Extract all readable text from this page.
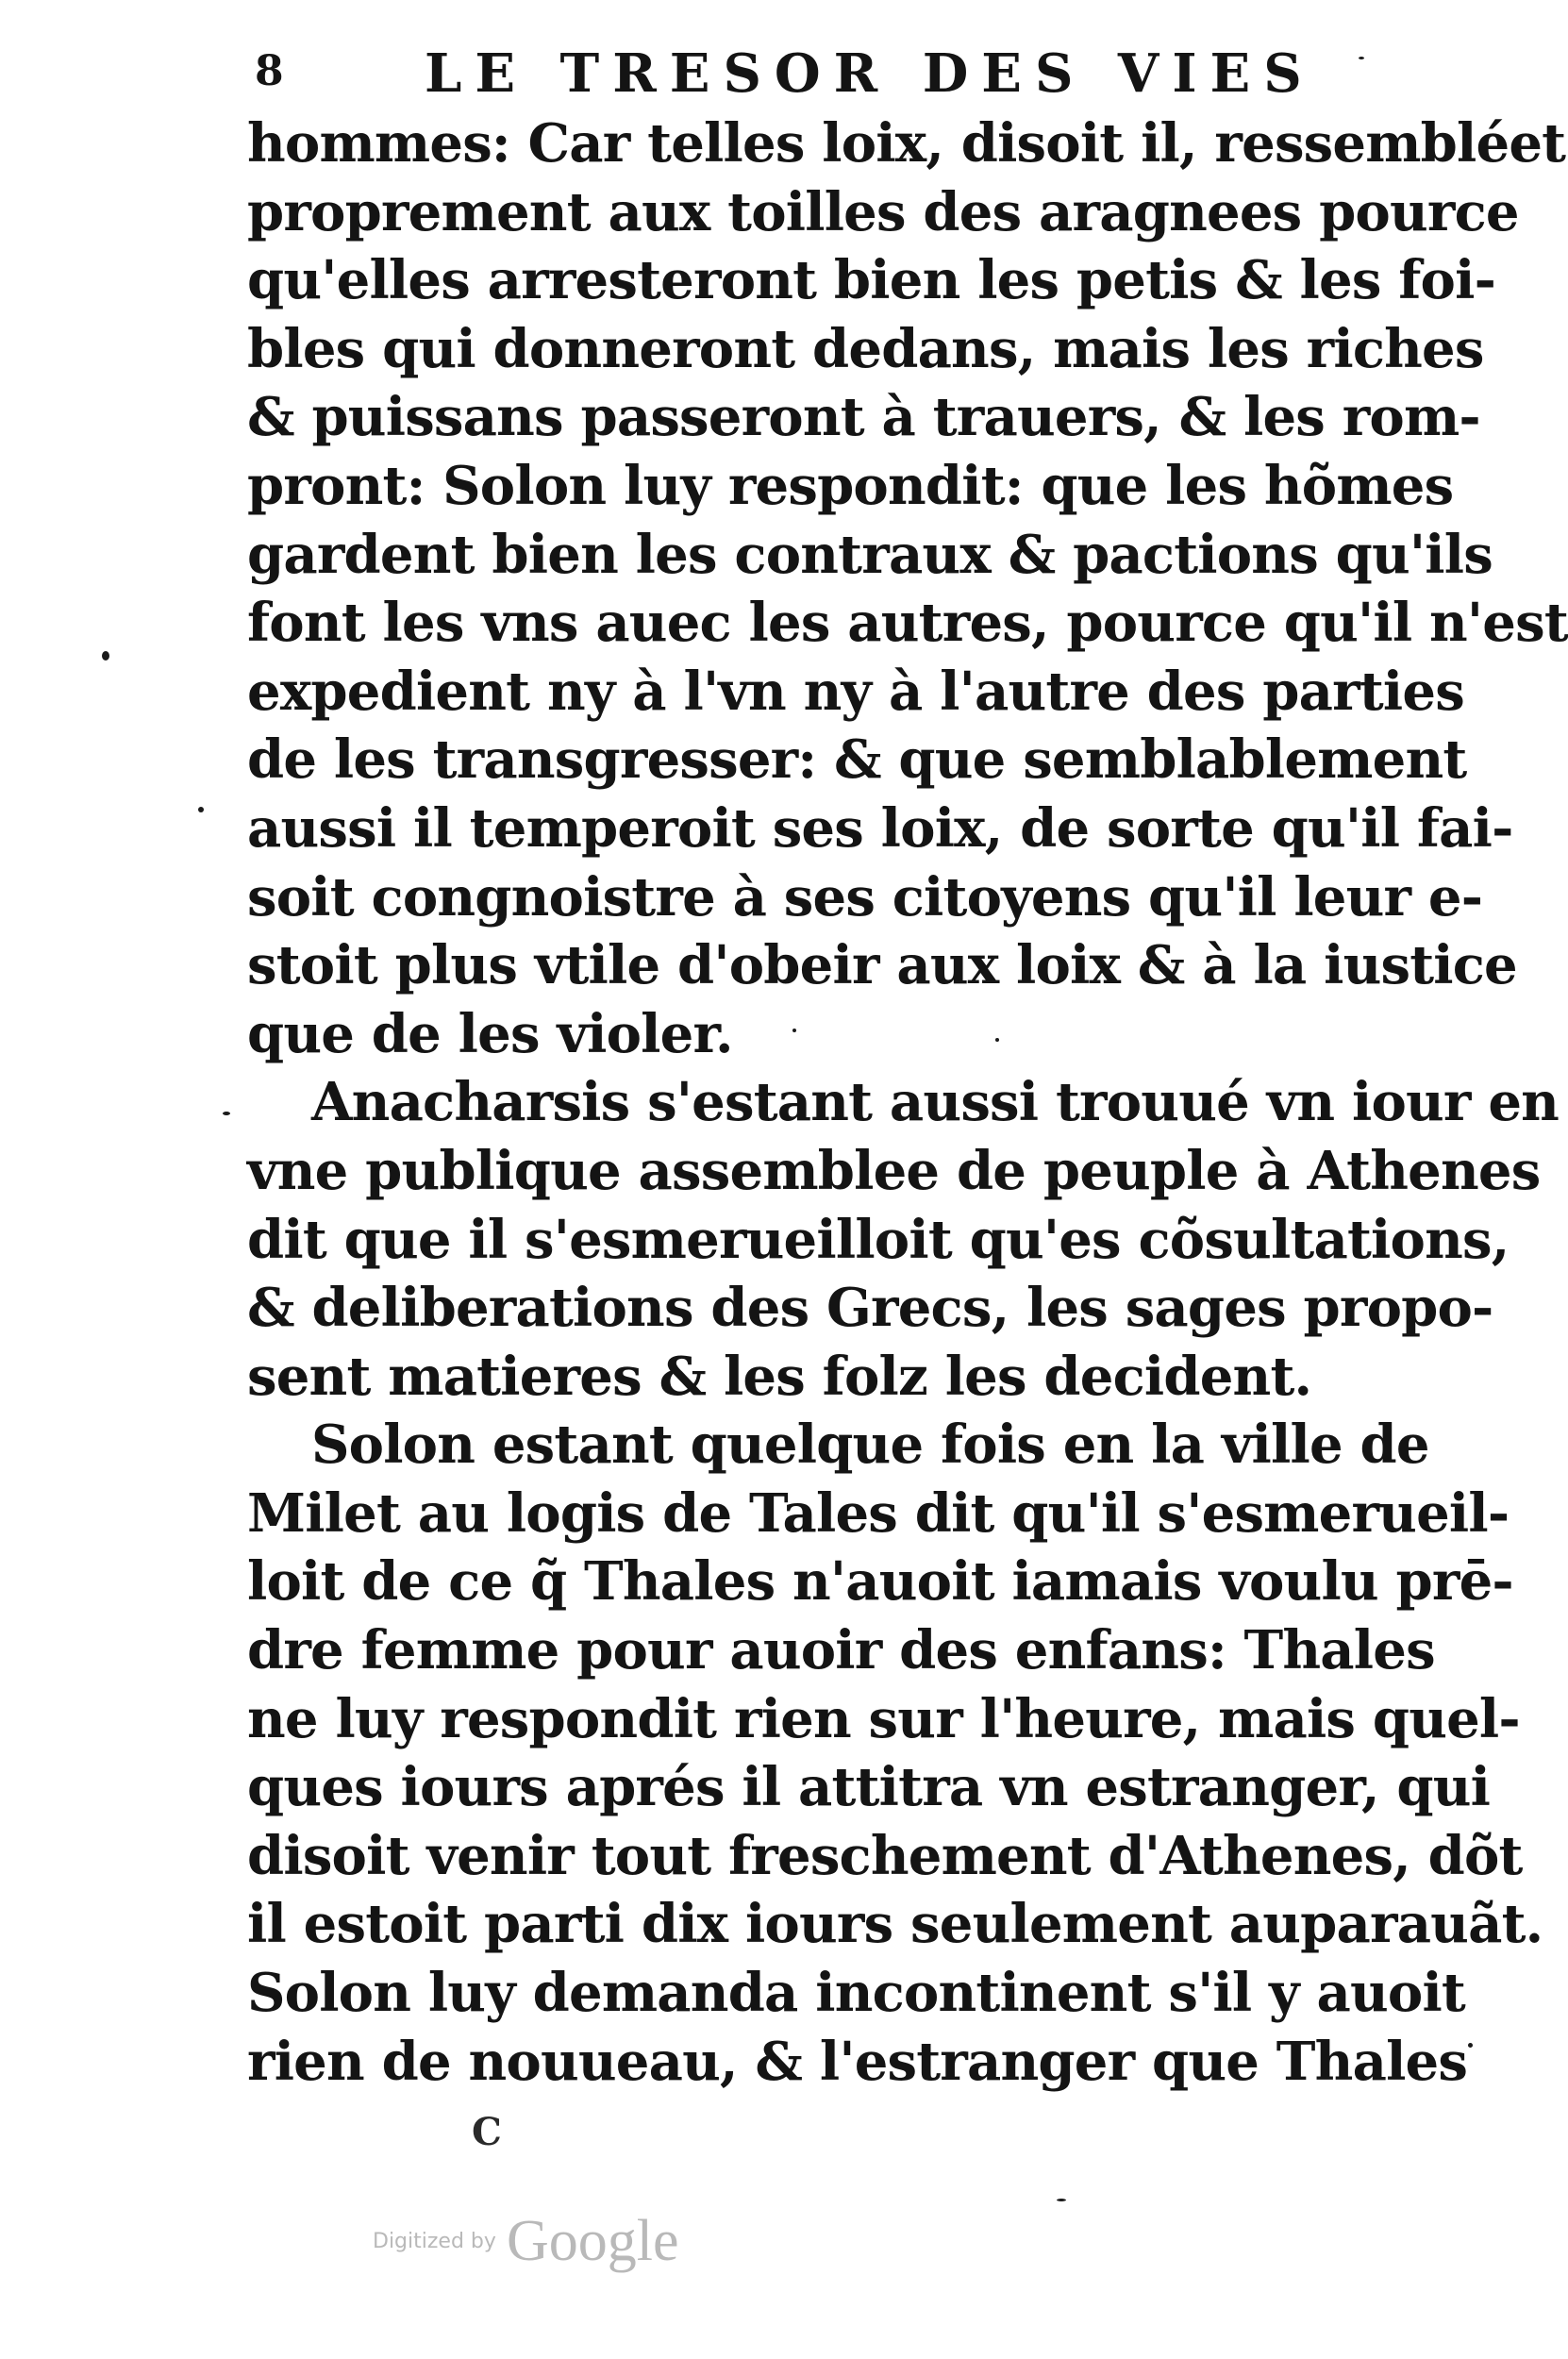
8	LE TRESOR DES VIES

hommes: Car telles loix, disoit il, ressembléet
proprement aux toilles des aragnees pource
qu'elles arresteront bien les petis & les foi-
bles qui donneront dedans, mais les riches
& puissans passeront à trauers, & les rom-
pront: Solon luy respondit: que les hõmes
gardent bien les contraux & pactions qu'ils
font les vns auec les autres, pource qu'il n'est
expedient ny à l'vn ny à l'autre des parties
de les transgresser: & que semblablement
aussi il temperoit ses loix, de sorte qu'il fai-
soit congnoistre à ses citoyens qu'il leur e-
stoit plus vtile d'obeir aux loix & à la iustice
que de les violer.

Anacharsis s'estant aussi trouué vn iour en
vne publique assemblee de peuple à Athenes
dit que il s'esmerueilloit qu'es cõsultations,
& deliberations des Grecs, les sages propo-
sent matieres & les folz les decident.

Solon estant quelque fois en la ville de
Milet au logis de Tales dit qu'il s'esmerueil-
loit de ce q̃ Thales n'auoit iamais voulu prē-
dre femme pour auoir des enfans: Thales
ne luy respondit rien sur l'heure, mais quel-
ques iours aprés il attitra vn estranger, qui
disoit venir tout freschement d'Athenes, dõt
il estoit parti dix iours seulement auparauãt.
Solon luy demanda incontinent s'il y auoit
rien de nouueau, & l'estranger que Thales

C
Digitized by Google
